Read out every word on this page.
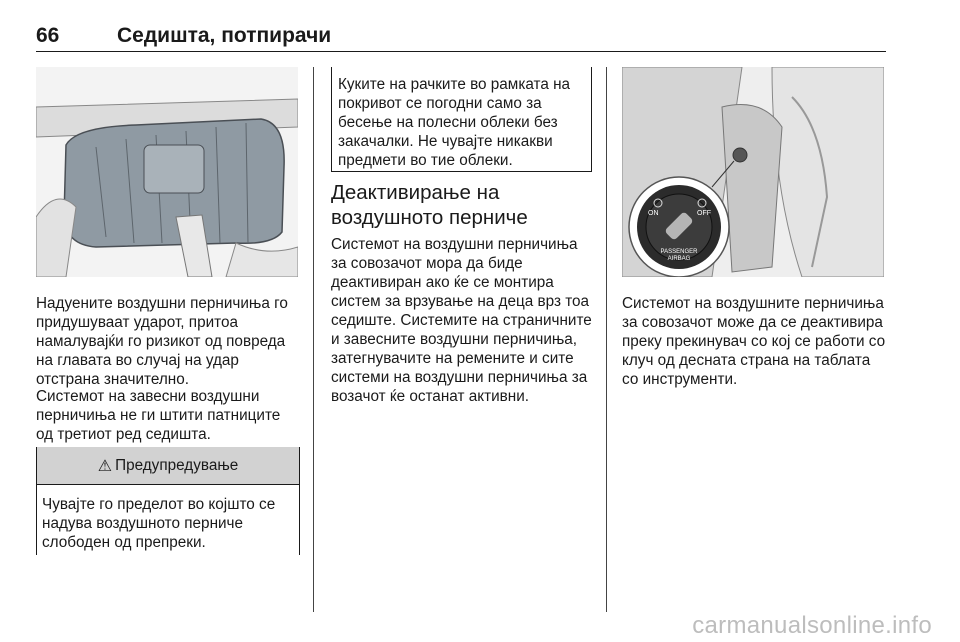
66	Седишта, потпирачи

Надуените воздушни перничиња го придушуваат ударот, притоа намалувајќи го ризикот од повреда на главата во случај на удар отстрана значително.

Системот на завесни воздушни перничиња не ги штити патниците од третиот ред седишта.

⚠ Предупредување

Чувајте го пределот во којшто се надува воздушното перниче слободен од препреки.

Куките на рачките во рамката на покривот се погодни само за бесење на полесни облеки без закачалки. Не чувајте никакви предмети во тие облеки.

Деактивирање на воздушното перниче

Системот на воздушни перничиња за совозачот мора да биде деактивиран ако ќе се монтира систем за врзување на деца врз тоа седиште. Системите на страничните и завесните воздушни перничиња, затегнувачите на ремените и сите системи на воздушни перничиња за возачот ќе останат активни.

ON	OFF
PASSENGER
AIRBAG

Системот на воздушните перничиња за совозачот може да се деактивира преку прекинувач со кој се работи со клуч од десната страна на таблата со инструменти.

carmanualsonline.info
